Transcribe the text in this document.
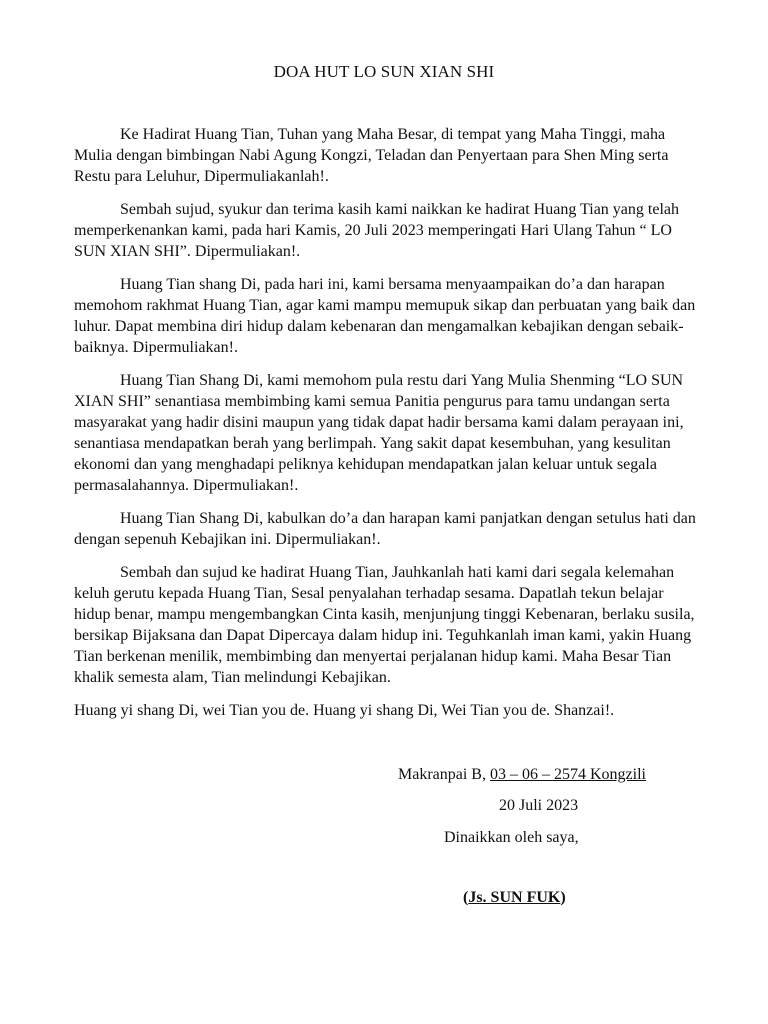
DOA HUT LO SUN XIAN SHI

Ke Hadirat Huang Tian, Tuhan yang Maha Besar, di tempat yang Maha Tinggi, maha Mulia dengan bimbingan Nabi Agung Kongzi, Teladan dan Penyertaan para Shen Ming serta Restu para Leluhur, Dipermuliakanlah!.

Sembah sujud, syukur dan terima kasih kami naikkan ke hadirat Huang Tian yang telah memperkenankan kami, pada hari Kamis, 20 Juli 2023 memperingati Hari Ulang Tahun “ LO SUN XIAN SHI”. Dipermuliakan!.

Huang Tian shang Di, pada hari ini, kami bersama menyaampaikan do’a dan harapan memohom rakhmat Huang Tian, agar kami mampu memupuk sikap dan perbuatan yang baik dan luhur. Dapat membina diri hidup dalam kebenaran dan mengamalkan kebajikan dengan sebaik-baiknya. Dipermuliakan!.

Huang Tian Shang Di, kami memohom pula restu dari Yang Mulia Shenming “LO SUN XIAN SHI” senantiasa membimbing kami semua Panitia pengurus para tamu undangan serta masyarakat yang hadir disini maupun yang tidak dapat hadir bersama kami dalam perayaan ini, senantiasa mendapatkan berah yang berlimpah. Yang sakit dapat kesembuhan, yang kesulitan ekonomi dan yang menghadapi peliknya kehidupan mendapatkan jalan keluar untuk segala permasalahannya. Dipermuliakan!.

Huang Tian Shang Di, kabulkan do’a dan harapan kami panjatkan dengan setulus hati dan dengan sepenuh Kebajikan ini. Dipermuliakan!.

Sembah dan sujud ke hadirat Huang Tian, Jauhkanlah hati kami dari segala kelemahan keluh gerutu kepada Huang Tian, Sesal penyalahan terhadap sesama. Dapatlah tekun belajar hidup benar, mampu mengembangkan Cinta kasih, menjunjung tinggi Kebenaran, berlaku susila, bersikap Bijaksana dan Dapat Dipercaya dalam hidup ini. Teguhkanlah iman kami, yakin Huang Tian berkenan menilik, membimbing dan menyertai perjalanan hidup kami. Maha Besar Tian khalik semesta alam, Tian melindungi Kebajikan.

Huang yi shang Di, wei Tian you de. Huang yi shang Di, Wei Tian you de. Shanzai!.

Makranpai B, 03 – 06 – 2574 Kongzili
20 Juli 2023
Dinaikkan oleh saya,
(Js. SUN FUK)
